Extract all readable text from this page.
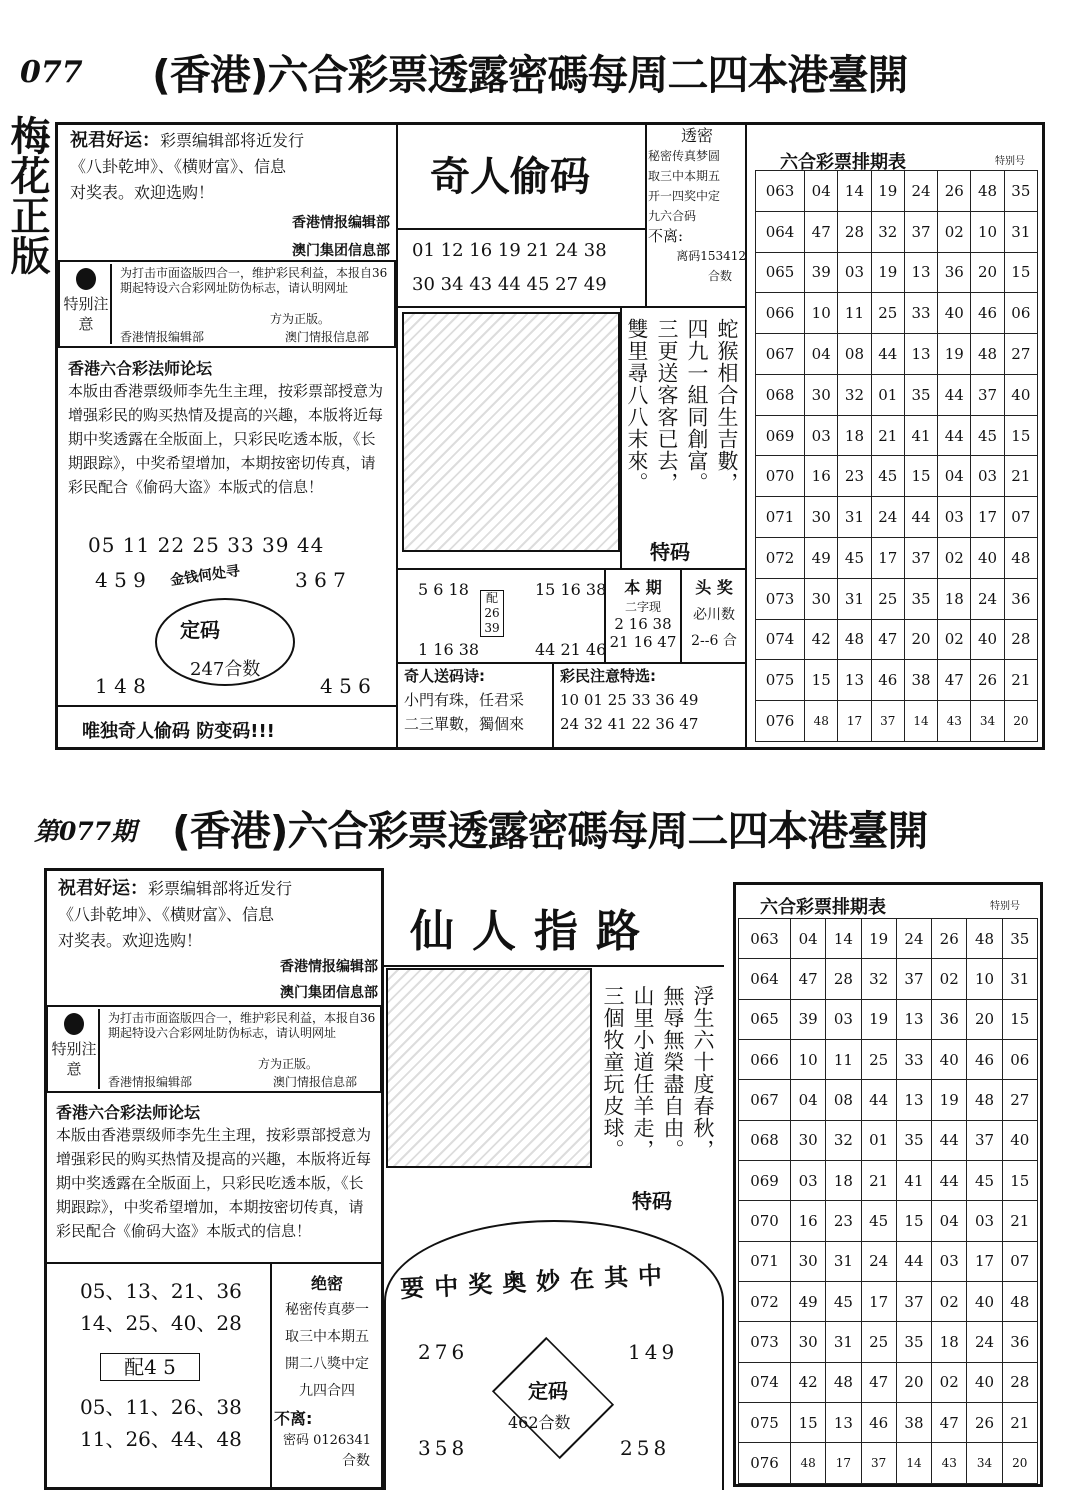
梅花正版
077 (香港)六合彩票透露密碼每周二四本港臺開
祝君好运：彩票编辑部将近发行
《八卦乾坤》、《横财富》、信息
对奖表。欢迎选购！
香港情报编辑部
澳门集团信息部
特别注意
为打击市面盗版四合一，维护彩民利益，本报自36期起特设六合彩网址防伪标志，请认明网址
方为正版。
香港情报编辑部	澳门情报信息部
香港六合彩法师论坛
本版由香港票级师李先生主理，按彩票部授意为增强彩民的购买热情及提高的兴趣，本版将近每期中奖透露在全版面上，只彩民吃透本版，《长期跟踪》，中奖希望增加，本期按密切传真，请彩民配合《偷码大盗》本版式的信息！
05 11 22 25 33 39 44
4 5 9	3 6 7
金钱何处寻
定码
247合数
1 4 8	4 5 6
唯独奇人偷码 防变码!!!
奇人偷码
01 12 16 19 21 24 38
30 34 43 44 45 27 49
蛇猴相合生吉數，
四九一組同創富。
三更送客客已去，
雙里尋八八末來。
特码
透密
秘密传真梦圆
取三中本期五
开一四奖中定
九六合码
不离:
离码153412
合数
5 6 18
1 16 38
配
26
39
15 16 38
44 21 46
本 期
二字现
2 16 38
21 16 47
头 奖
必川数
2--6 合
奇人送码诗:
小門有珠，任君采
二三單數，獨個來
彩民注意特选:
10 01 25 33 36 49
24 32 41 22 36 47
六合彩票排期表	特别号
063	04	14	19	24	26	48	35
064	47	28	32	37	02	10	31
065	39	03	19	13	36	20	15
066	10	11	25	33	40	46	06
067	04	08	44	13	19	48	27
068	30	32	01	35	44	37	40
069	03	18	21	41	44	45	15
070	16	23	45	15	04	03	21
071	30	31	24	44	03	17	07
072	49	45	17	37	02	40	48
073	30	31	25	35	18	24	36
074	42	48	47	20	02	40	28
075	15	13	46	38	47	26	21
076	48	17	37	14	43	34	20
第077期 (香港)六合彩票透露密碼每周二四本港臺開
祝君好运：彩票编辑部将近发行
《八卦乾坤》、《横财富》、信息
对奖表。欢迎选购！
香港情报编辑部
澳门集团信息部
特别注意
为打击市面盗版四合一，维护彩民利益，本报自36期起特设六合彩网址防伪标志，请认明网址
方为正版。
香港情报编辑部	澳门情报信息部
香港六合彩法师论坛
本版由香港票级师李先生主理，按彩票部授意为增强彩民的购买热情及提高的兴趣，本版将近每期中奖透露在全版面上，只彩民吃透本版，《长期跟踪》，中奖希望增加，本期按密切传真，请彩民配合《偷码大盗》本版式的信息！
05、13、21、36
14、25、40、28
配4 5
05、11、26、38
11、26、44、48
绝密
秘密传真夢一
取三中本期五
開二八獎中定
九四合四
不离:
密码 0126341
合数
仙人指路
浮生六十度春秋，
無辱無榮盡自由。
山里小道任羊走，
三個牧童玩皮球。
特码
要中奖奥妙在其中
276	149
定码
462合数
358	258
六合彩票排期表	特别号
063	04	14	19	24	26	48	35
064	47	28	32	37	02	10	31
065	39	03	19	13	36	20	15
066	10	11	25	33	40	46	06
067	04	08	44	13	19	48	27
068	30	32	01	35	44	37	40
069	03	18	21	41	44	45	15
070	16	23	45	15	04	03	21
071	30	31	24	44	03	17	07
072	49	45	17	37	02	40	48
073	30	31	25	35	18	24	36
074	42	48	47	20	02	40	28
075	15	13	46	38	47	26	21
076	48	17	37	14	43	34	20
